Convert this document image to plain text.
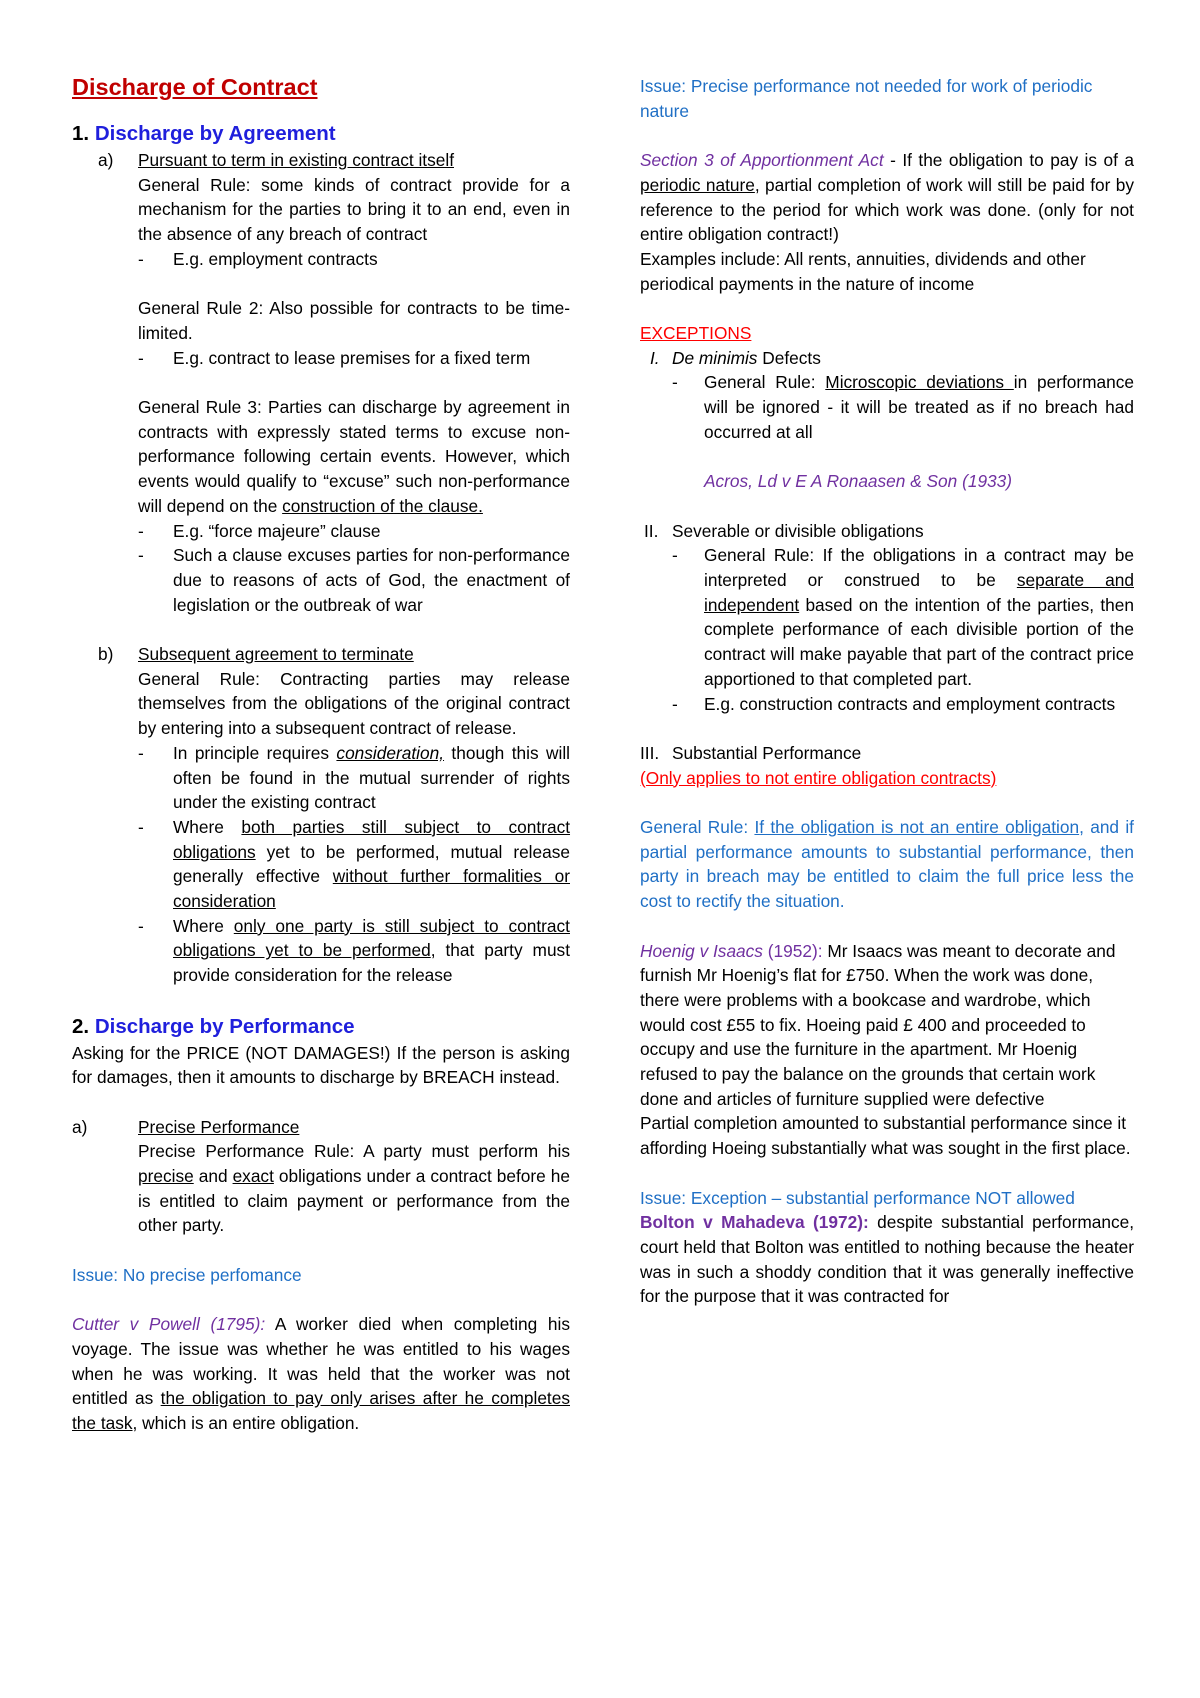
Discharge of Contract

1. Discharge by Agreement

a)	Pursuant to term in existing contract itself

General Rule: some kinds of contract provide for a mechanism for the parties to bring it to an end, even in the absence of any breach of contract

-	E.g. employment contracts

General Rule 2: Also possible for contracts to be time-limited.

-	E.g. contract to lease premises for a fixed term

General Rule 3: Parties can discharge by agreement in contracts with expressly stated terms to excuse non-performance following certain events. However, which events would qualify to “excuse” such non-performance will depend on the construction of the clause.

-	E.g. “force majeure” clause
-	Such a clause excuses parties for non-performance due to reasons of acts of God, the enactment of legislation or the outbreak of war
b)	Subsequent agreement to terminate

General Rule: Contracting parties may release themselves from the obligations of the original contract by entering into a subsequent contract of release.

-	In principle requires consideration, though this will often be found in the mutual surrender of rights under the existing contract
-	Where both parties still subject to contract obligations yet to be performed, mutual release generally effective without further formalities or consideration
-	Where only one party is still subject to contract obligations yet to be performed, that party must provide consideration for the release

2. Discharge by Performance

Asking for the PRICE (NOT DAMAGES!) If the person is asking for damages, then it amounts to discharge by BREACH instead.

a)	Precise Performance

Precise Performance Rule: A party must perform his precise and exact obligations under a contract before he is entitled to claim payment or performance from the other party.

Issue: No precise perfomance

Cutter v Powell (1795): A worker died when completing his voyage. The issue was whether he was entitled to his wages when he was working. It was held that the worker was not entitled as the obligation to pay only arises after he completes the task, which is an entire obligation.

Issue: Precise performance not needed for work of periodic nature

Section 3 of Apportionment Act - If the obligation to pay is of a periodic nature, partial completion of work will still be paid for by reference to the period for which work was done. (only for not entire obligation contract!)

Examples include: All rents, annuities, dividends and other periodical payments in the nature of income

EXCEPTIONS

I. De minimis Defects
-	General Rule: Microscopic deviations in performance will be ignored - it will be treated as if no breach had occurred at all

Acros, Ld v E A Ronaasen & Son (1933)

II. Severable or divisible obligations
-	General Rule: If the obligations in a contract may be interpreted or construed to be separate and independent based on the intention of the parties, then complete performance of each divisible portion of the contract will make payable that part of the contract price apportioned to that completed part.
-	E.g. construction contracts and employment contracts
III. Substantial Performance

(Only applies to not entire obligation contracts)

General Rule: If the obligation is not an entire obligation, and if partial performance amounts to substantial performance, then party in breach may be entitled to claim the full price less the cost to rectify the situation.

Hoenig v Isaacs (1952): Mr Isaacs was meant to decorate and furnish Mr Hoenig’s flat for £750. When the work was done, there were problems with a bookcase and wardrobe, which would cost £55 to fix. Hoeing paid £ 400 and proceeded to occupy and use the furniture in the apartment. Mr Hoenig refused to pay the balance on the grounds that certain work done and articles of furniture supplied were defective

Partial completion amounted to substantial performance since it affording Hoeing substantially what was sought in the first place.

Issue: Exception – substantial performance NOT allowed

Bolton v Mahadeva (1972): despite substantial performance, court held that Bolton was entitled to nothing because the heater was in such a shoddy condition that it was generally ineffective for the purpose that it was contracted for
